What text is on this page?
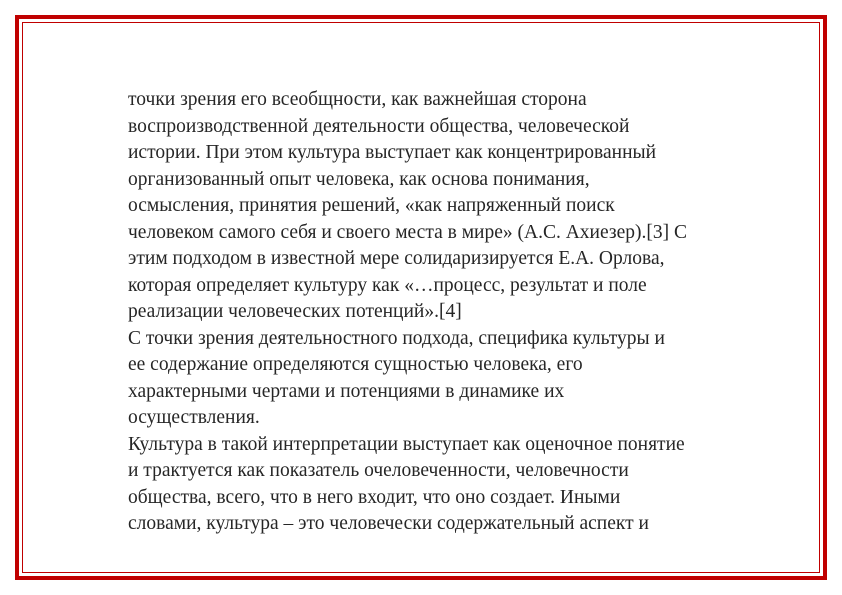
точки зрения его всеобщности, как важнейшая сторона
воспроизводственной деятельности общества, человеческой
истории. При этом культура выступает как концентрированный
организованный опыт человека, как основа понимания,
осмысления, принятия решений, «как напряженный поиск
человеком самого себя и своего места в мире» (А.С. Ахиезер).[3] С
этим подходом в известной мере солидаризируется Е.А. Орлова,
которая определяет культуру как «…процесс, результат и поле
реализации человеческих потенций».[4]
С точки зрения деятельностного подхода, специфика культуры и
ее содержание определяются сущностью человека, его
характерными чертами и потенциями в динамике их
осуществления.
Культура в такой интерпретации выступает как оценочное понятие
и трактуется как показатель очеловеченности, человечности
общества, всего, что в него входит, что оно создает. Иными
словами, культура – это человечески содержательный аспект и
